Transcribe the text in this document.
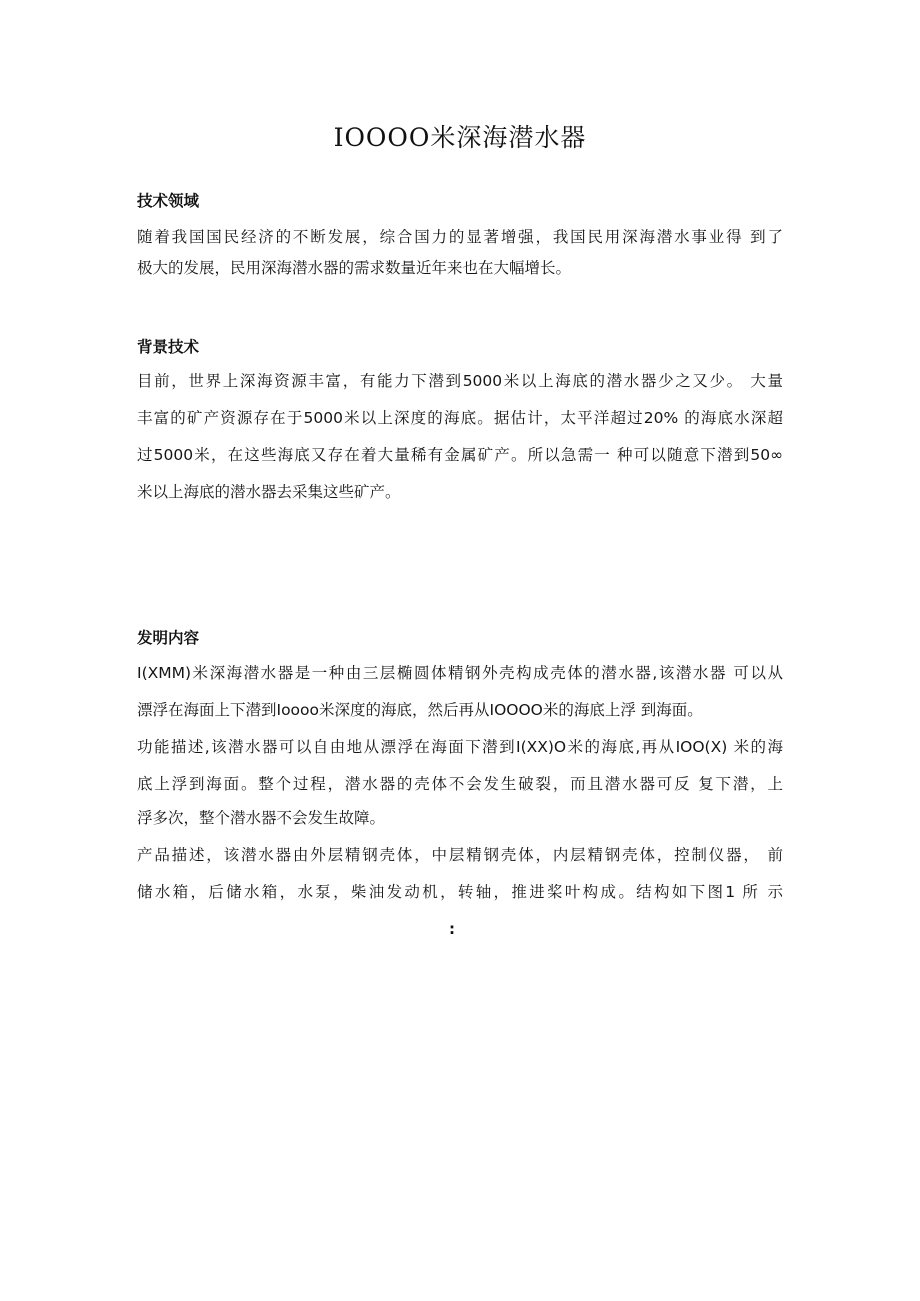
IOOOO米深海潜水器
技术领域

随着我国国民经济的不断发展，综合国力的显著增强，我国民用深海潜水事业得 到了

极大的发展，民用深海潜水器的需求数量近年来也在大幅增长。

背景技术

目前，世界上深海资源丰富，有能力下潜到5000米以上海底的潜水器少之又少。 大量

丰富的矿产资源存在于5000米以上深度的海底。据估计，太平洋超过20% 的海底水深超

过5000米，在这些海底又存在着大量稀有金属矿产。所以急需一 种可以随意下潜到50∞

米以上海底的潜水器去采集这些矿产。

发明内容

I(XMM)米深海潜水器是一种由三层椭圆体精钢外壳构成壳体的潜水器,该潜水器 可以从

漂浮在海面上下潜到Ioooo米深度的海底，然后再从IOOOO米的海底上浮 到海面。

功能描述,该潜水器可以自由地从漂浮在海面下潜到I(XX)O米的海底,再从IOO(X) 米的海

底上浮到海面。整个过程，潜水器的壳体不会发生破裂，而且潜水器可反 复下潜，上

浮多次，整个潜水器不会发生故障。

产品描述，该潜水器由外层精钢壳体，中层精钢壳体，内层精钢壳体，控制仪器， 前

储水箱，后储水箱，水泵，柴油发动机，转轴，推进桨叶构成。结构如下图1 所 示

:
